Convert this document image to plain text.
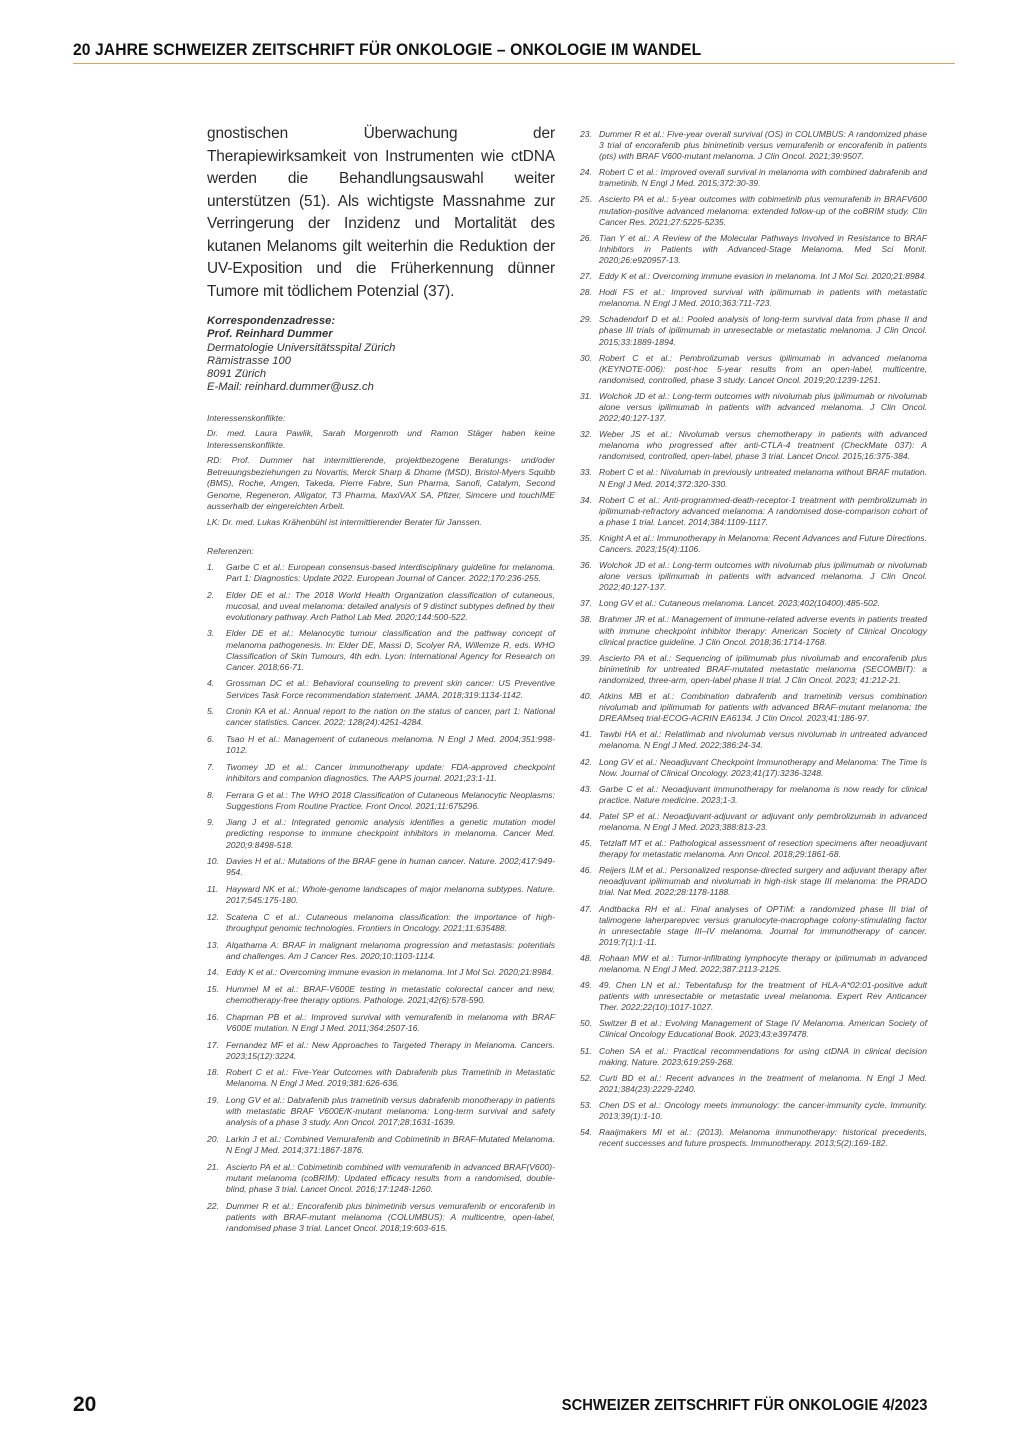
20 JAHRE SCHWEIZER ZEITSCHRIFT FÜR ONKOLOGIE – ONKOLOGIE IM WANDEL

gnostischen Überwachung der Therapiewirksamkeit von Instrumenten wie ctDNA werden die Behandlungsauswahl weiter unterstützen (51). Als wichtigste Massnahme zur Verringerung der Inzidenz und Mortalität des kutanen Melanoms gilt weiterhin die Reduktion der UV-Exposition und die Früherkennung dünner Tumore mit tödlichem Potenzial (37).

Korrespondenzadresse:
Prof. Reinhard Dummer
Dermatologie Universitätsspital Zürich
Rämistrasse 100
8091 Zürich
E-Mail: reinhard.dummer@usz.ch

Interessenskonflikte:

Dr. med. Laura Pawlik, Sarah Morgenroth und Ramon Stäger haben keine Interessenskonflikte.

RD: Prof. Dummer hat intermittierende, projektbezogene Beratungs- und/oder Betreuungsbeziehungen zu Novartis, Merck Sharp & Dhome (MSD), Bristol-Myers Squibb (BMS), Roche, Amgen, Takeda, Pierre Fabre, Sun Pharma, Sanofi, Catalym, Second Genome, Regeneron, Alligator, T3 Pharma, MaxiVAX SA, Pfizer, Simcere und touchIME ausserhalb der eingereichten Arbeit.

LK: Dr. med. Lukas Krähenbühl ist intermittierender Berater für Janssen.

Referenzen:
1. Garbe C et al.: European consensus-based interdisciplinary guideline for melanoma. Part 1: Diagnostics: Update 2022. European Journal of Cancer. 2022;170:236-255.
2. Elder DE et al.: The 2018 World Health Organization classification of cutaneous, mucosal, and uveal melanoma: detailed analysis of 9 distinct subtypes defined by their evolutionary pathway. Arch Pathol Lab Med. 2020;144:500-522.
3. Elder DE et al.: Melanocytic tumour classification and the pathway concept of melanoma pathogenesis. In: Elder DE, Massi D, Scolyer RA, Willemze R, eds. WHO Classification of Skin Tumours, 4th edn. Lyon: International Agency for Research on Cancer. 2018;66-71.
4. Grossman DC et al.: Behavioral counseling to prevent skin cancer: US Preventive Services Task Force recommendation statement. JAMA. 2018;319:1134-1142.
5. Cronin KA et al.: Annual report to the nation on the status of cancer, part 1: National cancer statistics. Cancer. 2022; 128(24):4251-4284.
6. Tsao H et al.: Management of cutaneous melanoma. N Engl J Med. 2004;351:998-1012.
7. Twomey JD et al.: Cancer immunotherapy update: FDA-approved checkpoint inhibitors and companion diagnostics. The AAPS journal. 2021;23:1-11.
8. Ferrara G et al.: The WHO 2018 Classification of Cutaneous Melanocytic Neoplasms: Suggestions From Routine Practice. Front Oncol. 2021;11:675296.
9. Jiang J et al.: Integrated genomic analysis identifies a genetic mutation model predicting response to immune checkpoint inhibitors in melanoma. Cancer Med. 2020;9:8498-518.
10. Davies H et al.: Mutations of the BRAF gene in human cancer. Nature. 2002;417:949-954.
11. Hayward NK et al.: Whole-genome landscapes of major melanoma subtypes. Nature. 2017;545:175-180.
12. Scatena C et al.: Cutaneous melanoma classification: the importance of high-throughput genomic technologies. Frontiers in Oncology. 2021;11:635488.
13. Alqathama A: BRAF in malignant melanoma progression and metastasis: potentials and challenges. Am J Cancer Res. 2020;10:1103-1114.
14. Eddy K et al.: Overcoming immune evasion in melanoma. Int J Mol Sci. 2020;21:8984.
15. Hummel M et al.: BRAF-V600E testing in metastatic colorectal cancer and new, chemotherapy-free therapy options. Pathologe. 2021;42(6):578-590.
16. Chapman PB et al.: Improved survival with vemurafenib in melanoma with BRAF V600E mutation. N Engl J Med. 2011;364:2507-16.
17. Fernandez MF et al.: New Approaches to Targeted Therapy in Melanoma. Cancers. 2023;15(12):3224.
18. Robert C et al.: Five-Year Outcomes with Dabrafenib plus Trametinib in Metastatic Melanoma. N Engl J Med. 2019;381:626-636.
19. Long GV et al.: Dabrafenib plus trametinib versus dabrafenib monotherapy in patients with metastatic BRAF V600E/K-mutant melanoma: Long-term survival and safety analysis of a phase 3 study. Ann Oncol. 2017;28:1631-1639.
20. Larkin J et al.: Combined Vemurafenib and Cobimetinib in BRAF-Mutated Melanoma. N Engl J Med. 2014;371:1867-1876.
21. Ascierto PA et al.: Cobimetinib combined with vemurafenib in advanced BRAF(V600)-mutant melanoma (coBRIM): Updated efficacy results from a randomised, double-blind, phase 3 trial. Lancet Oncol. 2016;17:1248-1260.
22. Dummer R et al.: Encorafenib plus binimetinib versus vemurafenib or encorafenib in patients with BRAF-mutant melanoma (COLUMBUS): A multicentre, open-label, randomised phase 3 trial. Lancet Oncol. 2018;19:603-615.
23. Dummer R et al.: Five-year overall survival (OS) in COLUMBUS: A randomized phase 3 trial of encorafenib plus binimetinib versus vemurafenib or encorafenib in patients (pts) with BRAF V600-mutant melanoma. J Clin Oncol. 2021;39:9507.
24. Robert C et al.: Improved overall survival in melanoma with combined dabrafenib and trametinib. N Engl J Med. 2015;372:30-39.
25. Ascierto PA et al.: 5-year outcomes with cobimetinib plus vemurafenib in BRAFV600 mutation-positive advanced melanoma: extended follow-up of the coBRIM study. Clin Cancer Res. 2021;27:5225-5235.
26. Tian Y et al.: A Review of the Molecular Pathways Involved in Resistance to BRAF Inhibitors in Patients with Advanced-Stage Melanoma. Med Sci Monit. 2020;26:e920957-13.
27. Eddy K et al.: Overcoming immune evasion in melanoma. Int J Mol Sci. 2020;21:8984.
28. Hodi FS et al.: Improved survival with ipilimumab in patients with metastatic melanoma. N Engl J Med. 2010;363:711-723.
29. Schadendorf D et al.: Pooled analysis of long-term survival data from phase II and phase III trials of ipilimumab in unresectable or metastatic melanoma. J Clin Oncol. 2015;33:1889-1894.
30. Robert C et al.: Pembrolizumab versus ipilimumab in advanced melanoma (KEYNOTE-006): post-hoc 5-year results from an open-label, multicentre, randomised, controlled, phase 3 study. Lancet Oncol. 2019;20:1239-1251.
31. Wolchok JD et al.: Long-term outcomes with nivolumab plus ipilimumab or nivolumab alone versus ipilimumab in patients with advanced melanoma. J Clin Oncol. 2022;40:127-137.
32. Weber JS et al.: Nivolumab versus chemotherapy in patients with advanced melanoma who progressed after anti-CTLA-4 treatment (CheckMate 037): A randomised, controlled, open-label, phase 3 trial. Lancet Oncol. 2015;16:375-384.
33. Robert C et al.: Nivolumab in previously untreated melanoma without BRAF mutation. N Engl J Med. 2014;372:320-330.
34. Robert C et al.: Anti-programmed-death-receptor-1 treatment with pembrolizumab in ipilimumab-refractory advanced melanoma: A randomised dose-comparison cohort of a phase 1 trial. Lancet. 2014;384:1109-1117.
35. Knight A et al.: Immunotherapy in Melanoma: Recent Advances and Future Directions. Cancers. 2023;15(4):1106.
36. Wolchok JD et al.: Long-term outcomes with nivolumab plus ipilimumab or nivolumab alone versus ipilimumab in patients with advanced melanoma. J Clin Oncol. 2022;40:127-137.
37. Long GV et al.: Cutaneous melanoma. Lancet. 2023;402(10400):485-502.
38. Brahmer JR et al.: Management of immune-related adverse events in patients treated with immune checkpoint inhibitor therapy: American Society of Clinical Oncology clinical practice guideline. J Clin Oncol. 2018;36:1714-1768.
39. Ascierto PA et al.: Sequencing of ipilimumab plus nivolumab and encorafenib plus binimetinib for untreated BRAF-mutated metastatic melanoma (SECOMBIT): a randomized, three-arm, open-label phase II trial. J Clin Oncol. 2023; 41:212-21.
40. Atkins MB et al.: Combination dabrafenib and trametinib versus combination nivolumab and ipilimumab for patients with advanced BRAF-mutant melanoma: the DREAMseq trial-ECOG-ACRIN EA6134. J Clin Oncol. 2023;41:186-97.
41. Tawbi HA et al.: Relatlimab and nivolumab versus nivolumab in untreated advanced melanoma. N Engl J Med. 2022;386:24-34.
42. Long GV et al.: Neoadjuvant Checkpoint Immunotherapy and Melanoma: The Time Is Now. Journal of Clinical Oncology. 2023;41(17):3236-3248.
43. Garbe C et al.: Neoadjuvant immunotherapy for melanoma is now ready for clinical practice. Nature medicine. 2023;1-3.
44. Patel SP et al.: Neoadjuvant-adjuvant or adjuvant only pembrolizumab in advanced melanoma. N Engl J Med. 2023;388:813-23.
45. Tetzlaff MT et al.: Pathological assessment of resection specimens after neoadjuvant therapy for metastatic melanoma. Ann Oncol. 2018;29:1861-68.
46. Reijers ILM et al.: Personalized response-directed surgery and adjuvant therapy after neoadjuvant ipilimumab and nivolumab in high-risk stage III melanoma: the PRADO trial. Nat Med. 2022;28:1178-1188.
47. Andtbacka RH et al.: Final analyses of OPTiM: a randomized phase III trial of talimogene laherparepvec versus granulocyte-macrophage colony-stimulating factor in unresectable stage III–IV melanoma. Journal for immunotherapy of cancer. 2019;7(1):1-11.
48. Rohaan MW et al.: Tumor-infiltrating lymphocyte therapy or ipilimumab in advanced melanoma. N Engl J Med. 2022;387:2113-2125.
49. 49. Chen LN et al.: Tebentafusp for the treatment of HLA-A*02:01-positive adult patients with unresectable or metastatic uveal melanoma. Expert Rev Anticancer Ther. 2022;22(10):1017-1027.
50. Switzer B et al.: Evolving Management of Stage IV Melanoma. American Society of Clinical Oncology Educational Book. 2023;43:e397478.
51. Cohen SA et al.: Practical recommendations for using ctDNA in clinical decision making. Nature. 2023;619:259-268.
52. Curti BD et al.: Recent advances in the treatment of melanoma. N Engl J Med. 2021;384(23):2229-2240.
53. Chen DS et al.: Oncology meets immunology: the cancer-immunity cycle. Immunity. 2013;39(1):1-10.
54. Raaijmakers MI et al.: (2013). Melanoma immunotherapy: historical precedents, recent successes and future prospects. Immunotherapy. 2013;5(2):169-182.
20	SCHWEIZER ZEITSCHRIFT FÜR ONKOLOGIE 4/2023
